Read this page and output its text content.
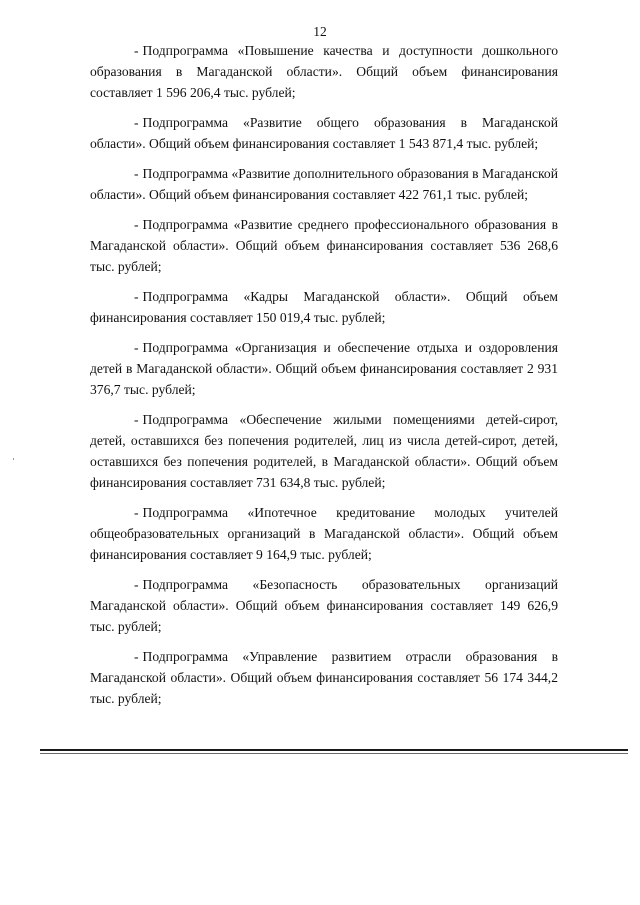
12

- Подпрограмма «Повышение качества и доступности дошкольного образования в Магаданской области». Общий объем финансирования составляет 1 596 206,4 тыс. рублей;

- Подпрограмма «Развитие общего образования в Магаданской области». Общий объем финансирования составляет 1 543 871,4 тыс. рублей;

- Подпрограмма «Развитие дополнительного образования в Магаданской области». Общий объем финансирования составляет 422 761,1 тыс. рублей;

- Подпрограмма «Развитие среднего профессионального образования в Магаданской области». Общий объем финансирования составляет 536 268,6 тыс. рублей;

- Подпрограмма «Кадры Магаданской области». Общий объем финансирования составляет 150 019,4 тыс. рублей;

- Подпрограмма «Организация и обеспечение отдыха и оздоровления детей в Магаданской области». Общий объем финансирования составляет 2 931 376,7 тыс. рублей;

- Подпрограмма «Обеспечение жилыми помещениями детей-сирот, детей, оставшихся без попечения родителей, лиц из числа детей-сирот, детей, оставшихся без попечения родителей, в Магаданской области». Общий объем финансирования составляет 731 634,8 тыс. рублей;

- Подпрограмма «Ипотечное кредитование молодых учителей общеобразовательных организаций в Магаданской области». Общий объем финансирования составляет 9 164,9 тыс. рублей;

- Подпрограмма «Безопасность образовательных организаций Магаданской области». Общий объем финансирования составляет 149 626,9 тыс. рублей;

- Подпрограмма «Управление развитием отрасли образования в Магаданской области». Общий объем финансирования составляет 56 174 344,2 тыс. рублей;
